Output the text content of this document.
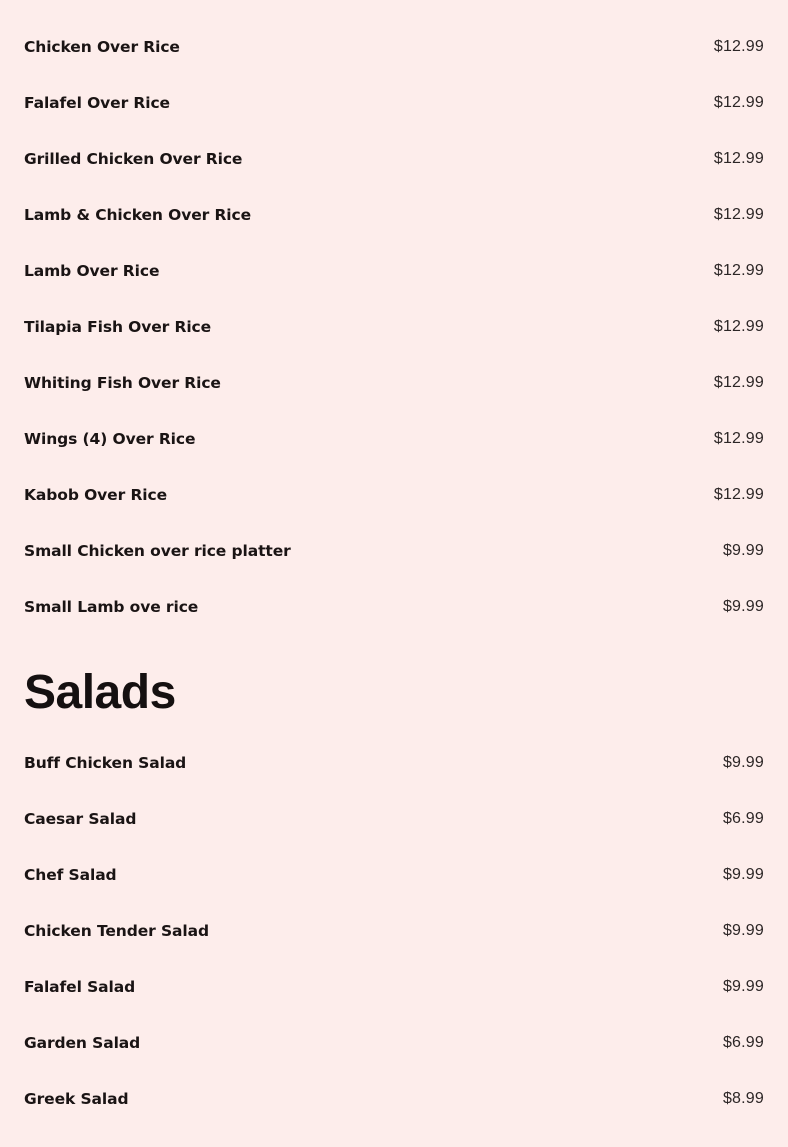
Chicken Over Rice	$12.99
Falafel Over Rice	$12.99
Grilled Chicken Over Rice	$12.99
Lamb & Chicken Over Rice	$12.99
Lamb Over Rice	$12.99
Tilapia Fish Over Rice	$12.99
Whiting Fish Over Rice	$12.99
Wings (4) Over Rice	$12.99
Kabob Over Rice	$12.99
Small Chicken over rice platter	$9.99
Small Lamb ove rice	$9.99
Salads
Buff Chicken Salad	$9.99
Caesar Salad	$6.99
Chef Salad	$9.99
Chicken Tender Salad	$9.99
Falafel Salad	$9.99
Garden Salad	$6.99
Greek Salad	$8.99
